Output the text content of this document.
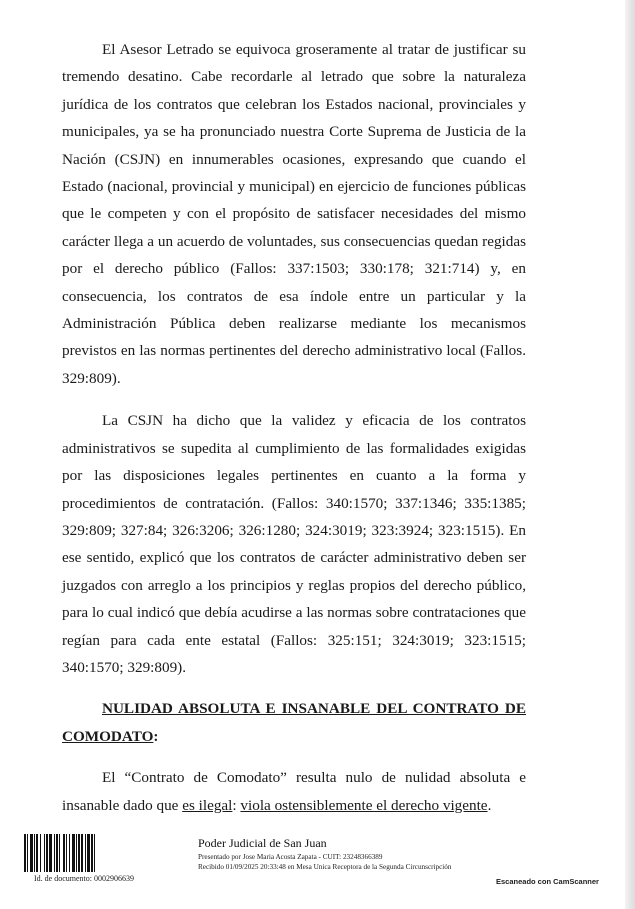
El Asesor Letrado se equivoca groseramente al tratar de justificar su tremendo desatino. Cabe recordarle al letrado que sobre la naturaleza jurídica de los contratos que celebran los Estados nacional, provinciales y municipales, ya se ha pronunciado nuestra Corte Suprema de Justicia de la Nación (CSJN) en innumerables ocasiones, expresando que cuando el Estado (nacional, provincial y municipal) en ejercicio de funciones públicas que le competen y con el propósito de satisfacer necesidades del mismo carácter llega a un acuerdo de voluntades, sus consecuencias quedan regidas por el derecho público (Fallos: 337:1503; 330:178; 321:714) y, en consecuencia, los contratos de esa índole entre un particular y la Administración Pública deben realizarse mediante los mecanismos previstos en las normas pertinentes del derecho administrativo local (Fallos. 329:809).

La CSJN ha dicho que la validez y eficacia de los contratos administrativos se supedita al cumplimiento de las formalidades exigidas por las disposiciones legales pertinentes en cuanto a la forma y procedimientos de contratación. (Fallos: 340:1570; 337:1346; 335:1385; 329:809; 327:84; 326:3206; 326:1280; 324:3019; 323:3924; 323:1515). En ese sentido, explicó que los contratos de carácter administrativo deben ser juzgados con arreglo a los principios y reglas propios del derecho público, para lo cual indicó que debía acudirse a las normas sobre contrataciones que regían para cada ente estatal (Fallos: 325:151; 324:3019; 323:1515; 340:1570; 329:809).

NULIDAD ABSOLUTA E INSANABLE DEL CONTRATO DE COMODATO:

El “Contrato de Comodato” resulta nulo de nulidad absoluta e insanable dado que es ilegal: viola ostensiblemente el derecho vigente.

Id. de documento: 0002906639
Poder Judicial de San Juan
Presentado por Jose Maria Acosta Zapata - CUIT: 23248366389
Recibido 01/09/2025 20:33:48 en Mesa Unica Receptora de la Segunda Circunscripción
Escaneado con CamScanner
